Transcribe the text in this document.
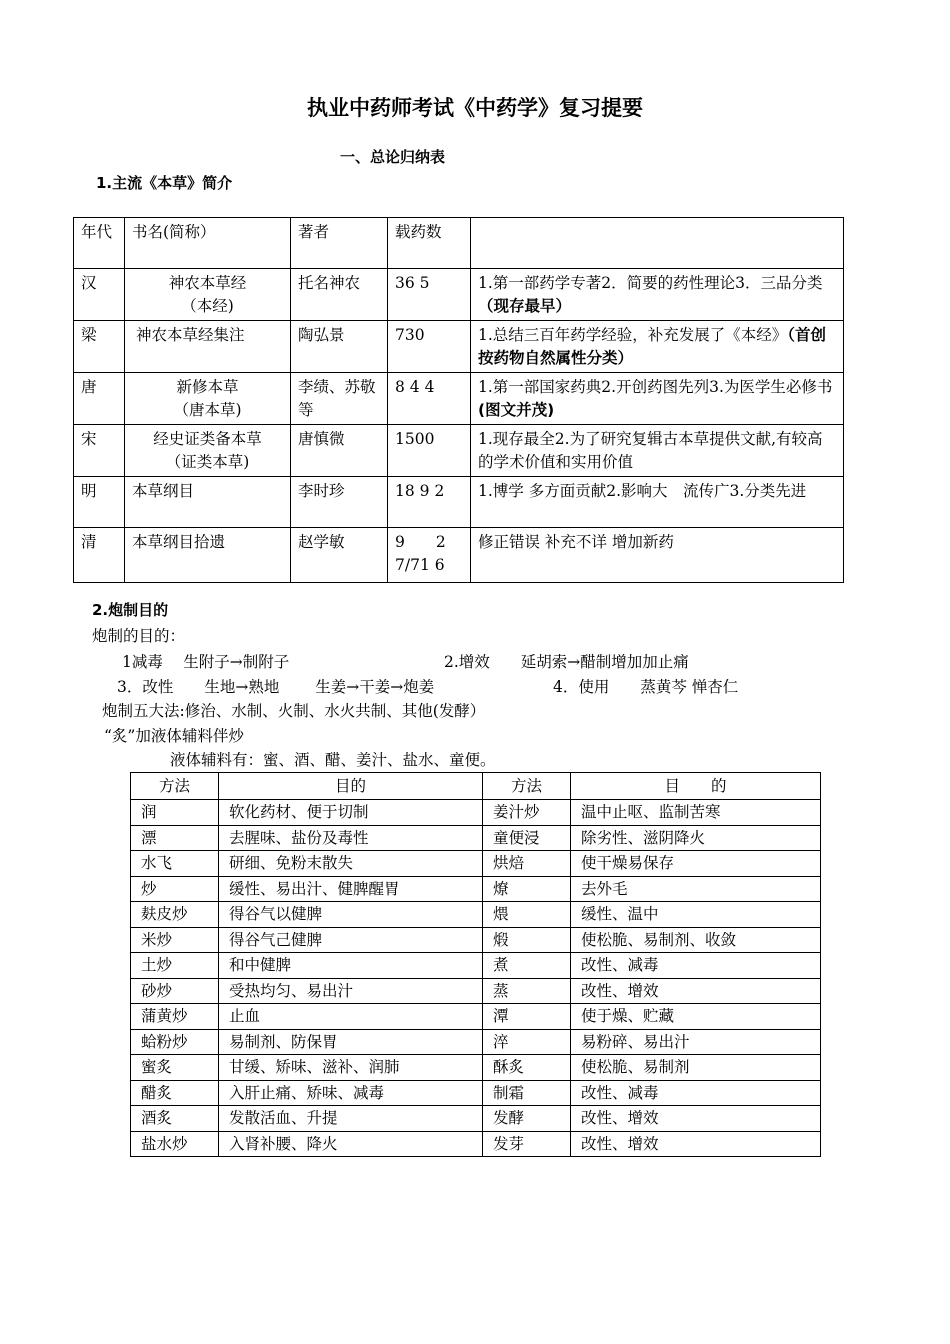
执业中药师考试《中药学》复习提要
一、总论归纳表
1.主流《本草》简介
年代	书名(简称）	著者	载药数	
汉	神农本草经
（本经)	托名神农	36 5	1.第一部药学专著2．简要的药性理论3．三品分类（现存最早）
梁	神农本草经集注	陶弘景	730	1.总结三百年药学经验，补充发展了《本经》（首创按药物自然属性分类）
唐	新修本草
（唐本草)	李绩、苏敬等	8 4 4	1.第一部国家药典2.开创药图先列3.为医学生必修书(图文并茂)
宋	经史证类备本草
（证类本草)	唐慎微	1500	1.现存最全2.为了研究复辑古本草提供文献,有较高的学术价值和实用价值
明	本草纲目	李时珍	18 9 2	1.博学 多方面贡献2.影响大　流传广3.分类先进
清	本草纲目拾遗	赵学敏	9　　2 7/71 6	修正错误 补充不详 增加新药
2.炮制目的
炮制的目的：
1减毒　 生附子→制附子	2.增效　　延胡索→醋制增加加止痛
3．改性　　生地→熟地　　 生姜→干姜→炮姜	4．使用　　蒸黄芩 惮杏仁
炮制五大法:修治、水制、火制、水火共制、其他(发酵）
“炙”加液体辅料伴炒
液体辅料有：蜜、酒、醋、姜汁、盐水、童便。
方法	目的	方法	目　　的
润	软化药材、便于切制	姜汁炒	温中止呕、监制苦寒
漂	去腥味、盐份及毒性	童便浸	除劣性、滋阴降火
水飞	研细、免粉末散失	烘焙	使干燥易保存
炒	缓性、易出汁、健脾醒胃	燎	去外毛
麸皮炒	得谷气以健脾	煨	缓性、温中
米炒	得谷气己健脾	煅	使松脆、易制剂、收敛
土炒	和中健脾	煮	改性、减毒
砂炒	受热均匀、易出汁	蒸	改性、增效
蒲黄炒	止血	潭	使于燥、贮藏
蛤粉炒	易制剂、防保胃	淬	易粉碎、易出汁
蜜炙	甘缓、矫味、滋补、润肺	酥炙	使松脆、易制剂
醋炙	入肝止痛、矫味、减毒	制霜	改性、减毒
酒炙	发散活血、升提	发酵	改性、增效
盐水炒	入肾补腰、降火	发芽	改性、增效
